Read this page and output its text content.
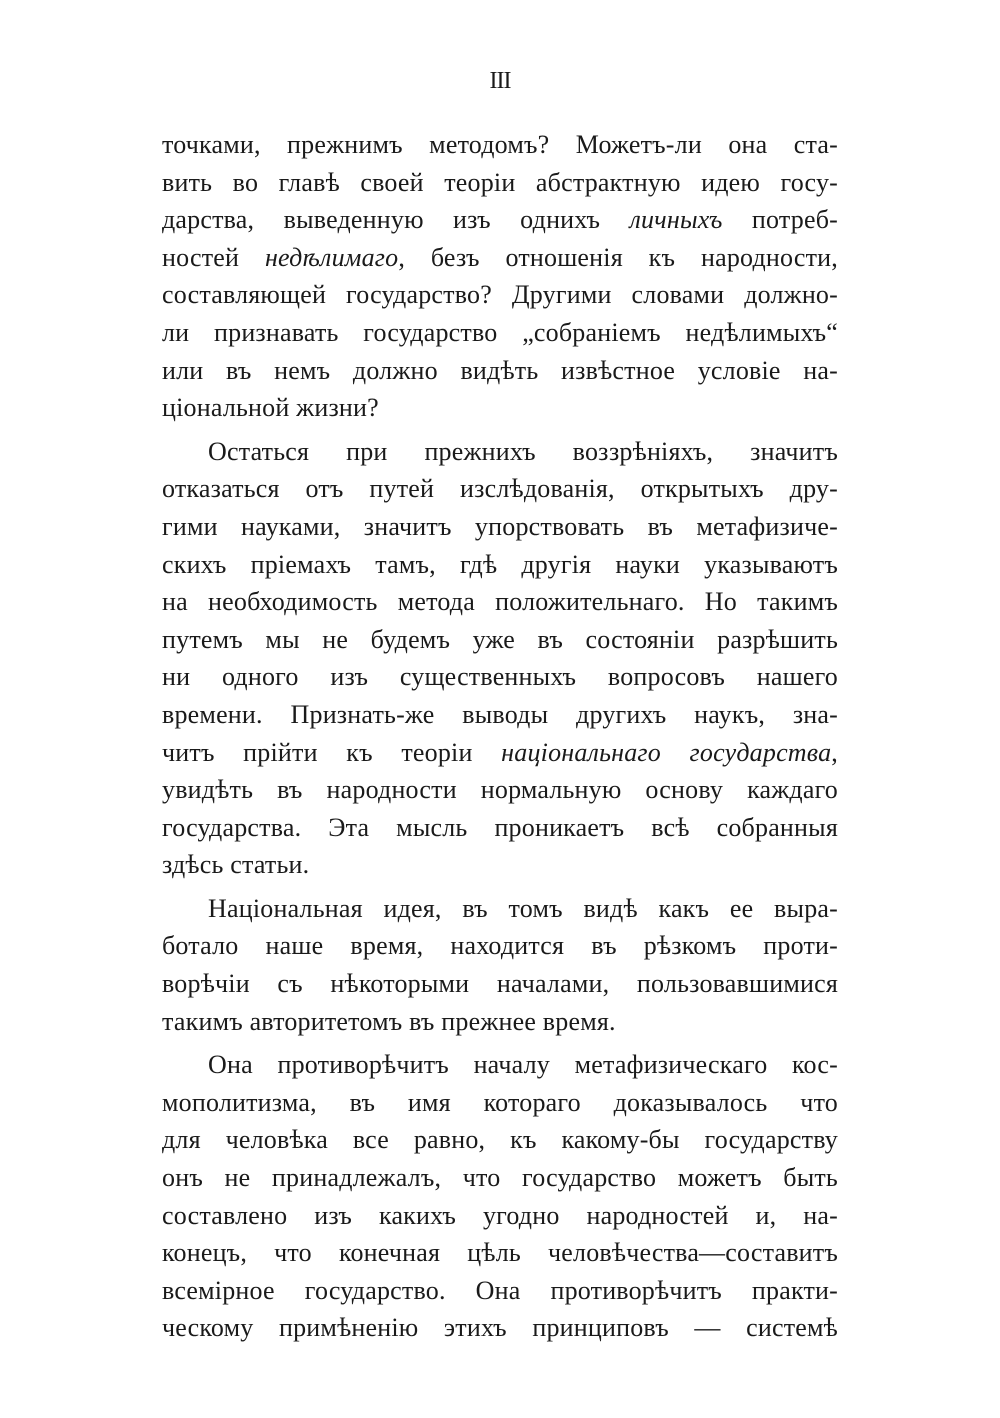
III
точками, прежнимъ методомъ? Можетъ-ли она ста-
вить во главѣ своей теоріи абстрактную идею госу-
дарства, выведенную изъ однихъ личныхъ потреб-
ностей недѣлимаго, безъ отношенія къ народности,
составляющей государство? Другими словами должно-
ли признавать государство „собраніемъ недѣлимыхъ“
или въ немъ должно видѣть извѣстное условіе на-
ціональной жизни?
Остаться при прежнихъ воззрѣніяхъ, значитъ
отказаться отъ путей изслѣдованія, открытыхъ дру-
гими науками, значитъ упорствовать въ метафизиче-
скихъ пріемахъ тамъ, гдѣ другія науки указываютъ
на необходимость метода положительнаго. Но такимъ
путемъ мы не будемъ уже въ состояніи разрѣшить
ни одного изъ существенныхъ вопросовъ нашего
времени. Признать-же выводы другихъ наукъ, зна-
читъ прійти къ теоріи національнаго государства,
увидѣть въ народности нормальную основу каждаго
государства. Эта мысль проникаетъ всѣ собранныя
здѣсь статьи.
Національная идея, въ томъ видѣ какъ ее выра-
ботало наше время, находится въ рѣзкомъ проти-
ворѣчіи съ нѣкоторыми началами, пользовавшимися
такимъ авторитетомъ въ прежнее время.
Она противорѣчитъ началу метафизическаго кос-
мополитизма, въ имя котораго доказывалось что
для человѣка все равно, къ какому-бы государству
онъ не принадлежалъ, что государство можетъ быть
составлено изъ какихъ угодно народностей и, на-
конецъ, что конечная цѣль человѣчества—составитъ
всемірное государство. Она противорѣчитъ практи-
ческому примѣненію этихъ принциповъ — системѣ
